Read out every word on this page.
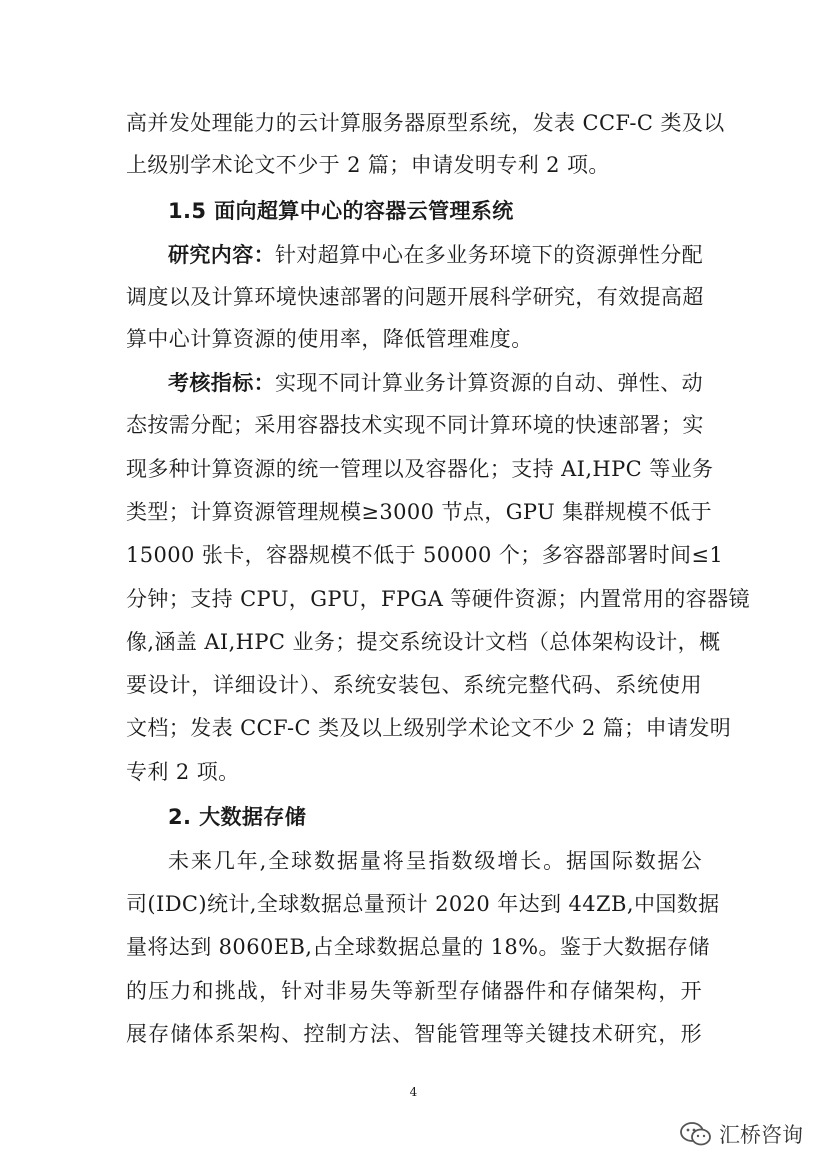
高并发处理能力的云计算服务器原型系统，发表 CCF-C 类及以
上级别学术论文不少于 2 篇；申请发明专利 2 项。
1.5 面向超算中心的容器云管理系统
研究内容：针对超算中心在多业务环境下的资源弹性分配
调度以及计算环境快速部署的问题开展科学研究，有效提高超
算中心计算资源的使用率，降低管理难度。
考核指标：实现不同计算业务计算资源的自动、弹性、动
态按需分配；采用容器技术实现不同计算环境的快速部署；实
现多种计算资源的统一管理以及容器化；支持 AI,HPC 等业务
类型；计算资源管理规模≥3000 节点，GPU 集群规模不低于
15000 张卡，容器规模不低于 50000 个；多容器部署时间≤1
分钟；支持 CPU，GPU，FPGA 等硬件资源；内置常用的容器镜
像,涵盖 AI,HPC 业务；提交系统设计文档（总体架构设计，概
要设计，详细设计）、系统安装包、系统完整代码、系统使用
文档；发表 CCF-C 类及以上级别学术论文不少 2 篇；申请发明
专利 2 项。
2. 大数据存储
未来几年,全球数据量将呈指数级增长。据国际数据公
司(IDC)统计,全球数据总量预计 2020 年达到 44ZB,中国数据
量将达到 8060EB,占全球数据总量的 18%。鉴于大数据存储
的压力和挑战，针对非易失等新型存储器件和存储架构，开
展存储体系架构、控制方法、智能管理等关键技术研究，形
4
汇桥咨询
